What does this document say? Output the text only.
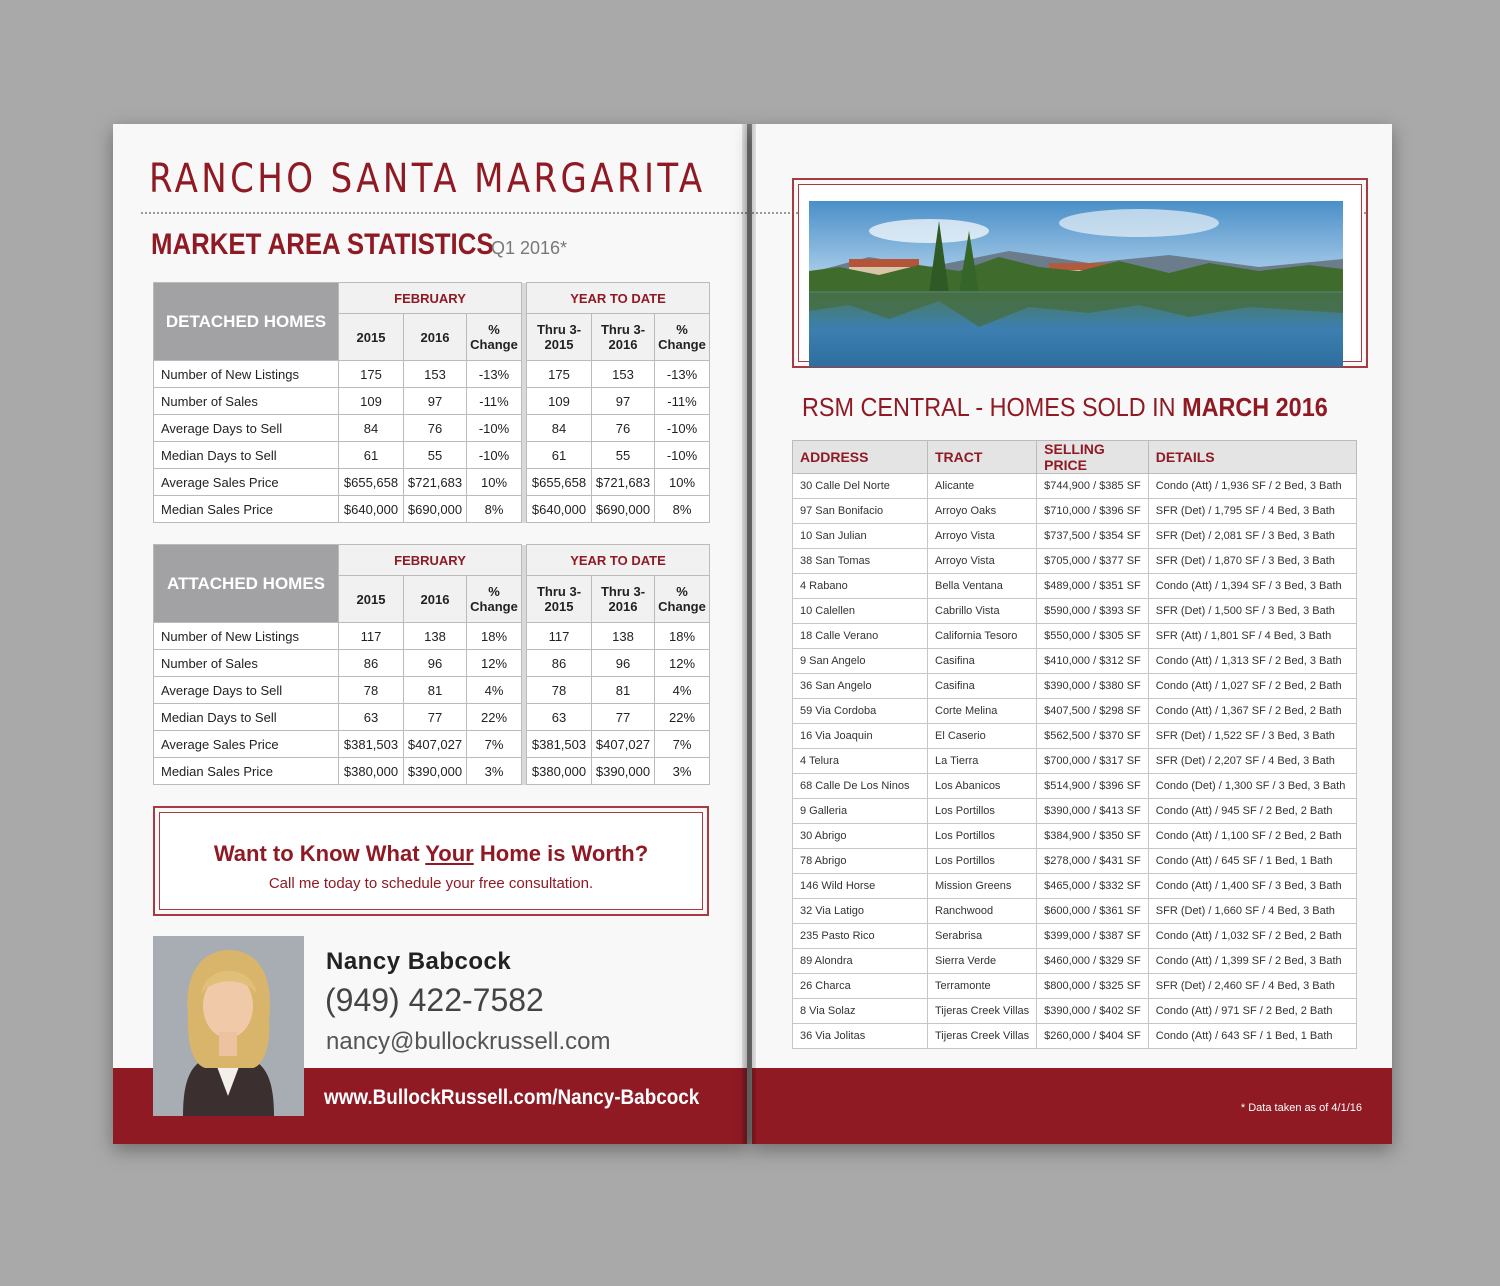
RANCHO SANTA MARGARITA
MARKET AREA STATISTICS
Q1 2016*
DETACHED HOMES	FEBRUARY				YEAR TO DATE		
	2015	2016	% Change		Thru 3-2015	Thru 3-2016	% Change
Number of New Listings	175	153	-13%		175	153	-13%
Number of Sales	109	97	-11%		109	97	-11%
Average Days to Sell	84	76	-10%		84	76	-10%
Median Days to Sell	61	55	-10%		61	55	-10%
Average Sales Price	$655,658	$721,683	10%		$655,658	$721,683	10%
Median Sales Price	$640,000	$690,000	8%		$640,000	$690,000	8%
ATTACHED HOMES	FEBRUARY				YEAR TO DATE		
	2015	2016	% Change		Thru 3-2015	Thru 3-2016	% Change
Number of New Listings	117	138	18%		117	138	18%
Number of Sales	86	96	12%		86	96	12%
Average Days to Sell	78	81	4%		78	81	4%
Median Days to Sell	63	77	22%		63	77	22%
Average Sales Price	$381,503	$407,027	7%		$381,503	$407,027	7%
Median Sales Price	$380,000	$390,000	3%		$380,000	$390,000	3%
Want to Know What Your Home is Worth?
Call me today to schedule your free consultation.
Nancy Babcock
(949) 422-7582
nancy@bullockrussell.com
www.BullockRussell.com/Nancy-Babcock
RSM CENTRAL - HOMES SOLD IN MARCH 2016
ADDRESS	TRACT	SELLING PRICE	DETAILS
30 Calle Del Norte	Alicante	$744,900 / $385 SF	Condo (Att) / 1,936 SF / 2 Bed, 3 Bath
97 San Bonifacio	Arroyo Oaks	$710,000 / $396 SF	SFR (Det) / 1,795 SF / 4 Bed, 3 Bath
10 San Julian	Arroyo Vista	$737,500 / $354 SF	SFR (Det) / 2,081 SF / 3 Bed, 3 Bath
38 San Tomas	Arroyo Vista	$705,000 / $377 SF	SFR (Det) / 1,870 SF / 3 Bed, 3 Bath
4 Rabano	Bella Ventana	$489,000 / $351 SF	Condo (Att) / 1,394 SF / 3 Bed, 3 Bath
10 Calellen	Cabrillo Vista	$590,000 / $393 SF	SFR (Det) / 1,500 SF / 3 Bed, 3 Bath
18 Calle Verano	California Tesoro	$550,000 / $305 SF	SFR (Att) / 1,801 SF / 4 Bed, 3 Bath
9 San Angelo	Casifina	$410,000 / $312 SF	Condo (Att) / 1,313 SF / 2 Bed, 3 Bath
36 San Angelo	Casifina	$390,000 / $380 SF	Condo (Att) / 1,027 SF / 2 Bed, 2 Bath
59 Via Cordoba	Corte Melina	$407,500 / $298 SF	Condo (Att) / 1,367 SF / 2 Bed, 2 Bath
16 Via Joaquin	El Caserio	$562,500 / $370 SF	SFR (Det) / 1,522 SF / 3 Bed, 3 Bath
4 Telura	La Tierra	$700,000 / $317 SF	SFR (Det) / 2,207 SF / 4 Bed, 3 Bath
68 Calle De Los Ninos	Los Abanicos	$514,900 / $396 SF	Condo (Det) / 1,300 SF / 3 Bed, 3 Bath
9 Galleria	Los Portillos	$390,000 / $413 SF	Condo (Att) / 945 SF / 2 Bed, 2 Bath
30 Abrigo	Los Portillos	$384,900 / $350 SF	Condo (Att) / 1,100 SF / 2 Bed, 2 Bath
78 Abrigo	Los Portillos	$278,000 / $431 SF	Condo (Att) / 645 SF / 1 Bed, 1 Bath
146 Wild Horse	Mission Greens	$465,000 / $332 SF	Condo (Att) / 1,400 SF / 3 Bed, 3 Bath
32 Via Latigo	Ranchwood	$600,000 / $361 SF	SFR (Det) / 1,660 SF / 4 Bed, 3 Bath
235 Pasto Rico	Serabrisa	$399,000 / $387 SF	Condo (Att) / 1,032 SF / 2 Bed, 2 Bath
89 Alondra	Sierra Verde	$460,000 / $329 SF	Condo (Att) / 1,399 SF / 2 Bed, 3 Bath
26 Charca	Terramonte	$800,000 / $325 SF	SFR (Det) / 2,460 SF / 4 Bed, 3 Bath
8 Via Solaz	Tijeras Creek Villas	$390,000 / $402 SF	Condo (Att) / 971 SF / 2 Bed, 2 Bath
36 Via Jolitas	Tijeras Creek Villas	$260,000 / $404 SF	Condo (Att) / 643 SF / 1 Bed, 1 Bath
* Data taken as of 4/1/16
